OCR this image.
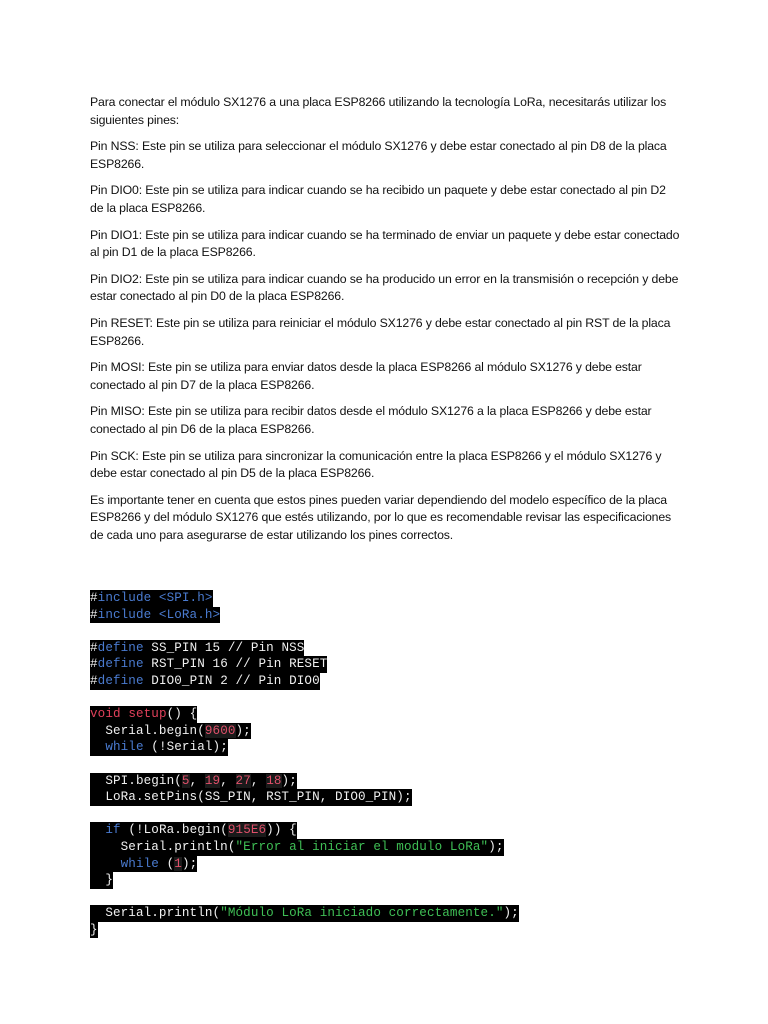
Para conectar el módulo SX1276 a una placa ESP8266 utilizando la tecnología LoRa, necesitarás utilizar los siguientes pines:

Pin NSS: Este pin se utiliza para seleccionar el módulo SX1276 y debe estar conectado al pin D8 de la placa ESP8266.

Pin DIO0: Este pin se utiliza para indicar cuando se ha recibido un paquete y debe estar conectado al pin D2 de la placa ESP8266.

Pin DIO1: Este pin se utiliza para indicar cuando se ha terminado de enviar un paquete y debe estar conectado al pin D1 de la placa ESP8266.

Pin DIO2: Este pin se utiliza para indicar cuando se ha producido un error en la transmisión o recepción y debe estar conectado al pin D0 de la placa ESP8266.

Pin RESET: Este pin se utiliza para reiniciar el módulo SX1276 y debe estar conectado al pin RST de la placa ESP8266.

Pin MOSI: Este pin se utiliza para enviar datos desde la placa ESP8266 al módulo SX1276 y debe estar conectado al pin D7 de la placa ESP8266.

Pin MISO: Este pin se utiliza para recibir datos desde el módulo SX1276 a la placa ESP8266 y debe estar conectado al pin D6 de la placa ESP8266.

Pin SCK: Este pin se utiliza para sincronizar la comunicación entre la placa ESP8266 y el módulo SX1276 y debe estar conectado al pin D5 de la placa ESP8266.

Es importante tener en cuenta que estos pines pueden variar dependiendo del modelo específico de la placa ESP8266 y del módulo SX1276 que estés utilizando, por lo que es recomendable revisar las especificaciones de cada uno para asegurarse de estar utilizando los pines correctos.

#include <SPI.h>
#include <LoRa.h>
#define SS_PIN 15 // Pin NSS
#define RST_PIN 16 // Pin RESET
#define DIO0_PIN 2 // Pin DIO0
void setup() {
Serial.begin(9600);
while (!Serial);
SPI.begin(5, 19, 27, 18);
LoRa.setPins(SS_PIN, RST_PIN, DIO0_PIN);
if (!LoRa.begin(915E6)) {
Serial.println("Error al iniciar el modulo LoRa");
while (1);
}
Serial.println("Módulo LoRa iniciado correctamente.");
}
